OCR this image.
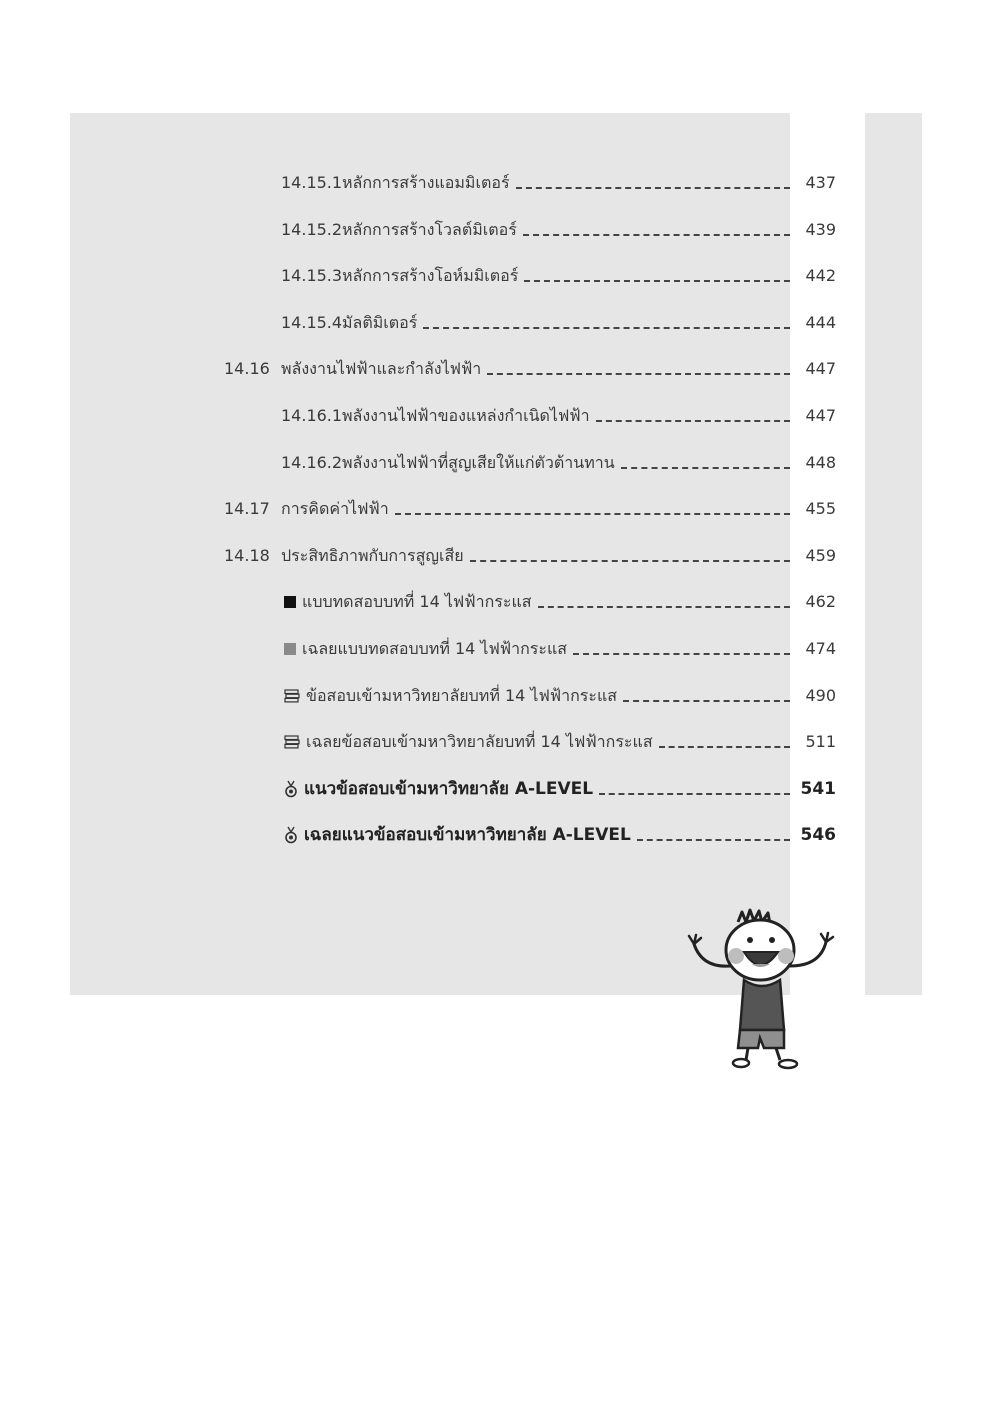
14.15.1 หลักการสร้างแอมมิเตอร์	437
14.15.2 หลักการสร้างโวลต์มิเตอร์	439
14.15.3 หลักการสร้างโอห์มมิเตอร์	442
14.15.4 มัลติมิเตอร์	444
14.16 พลังงานไฟฟ้าและกำลังไฟฟ้า	447
14.16.1 พลังงานไฟฟ้าของแหล่งกำเนิดไฟฟ้า	447
14.16.2 พลังงานไฟฟ้าที่สูญเสียให้แก่ตัวต้านทาน	448
14.17 การคิดค่าไฟฟ้า	455
14.18 ประสิทธิภาพกับการสูญเสีย	459
แบบทดสอบบทที่ 14 ไฟฟ้ากระแส	462
เฉลยแบบทดสอบบทที่ 14 ไฟฟ้ากระแส	474
ข้อสอบเข้ามหาวิทยาลัยบทที่ 14 ไฟฟ้ากระแส	490
เฉลยข้อสอบเข้ามหาวิทยาลัยบทที่ 14 ไฟฟ้ากระแส	511
แนวข้อสอบเข้ามหาวิทยาลัย A-LEVEL	541
เฉลยแนวข้อสอบเข้ามหาวิทยาลัย A-LEVEL	546
